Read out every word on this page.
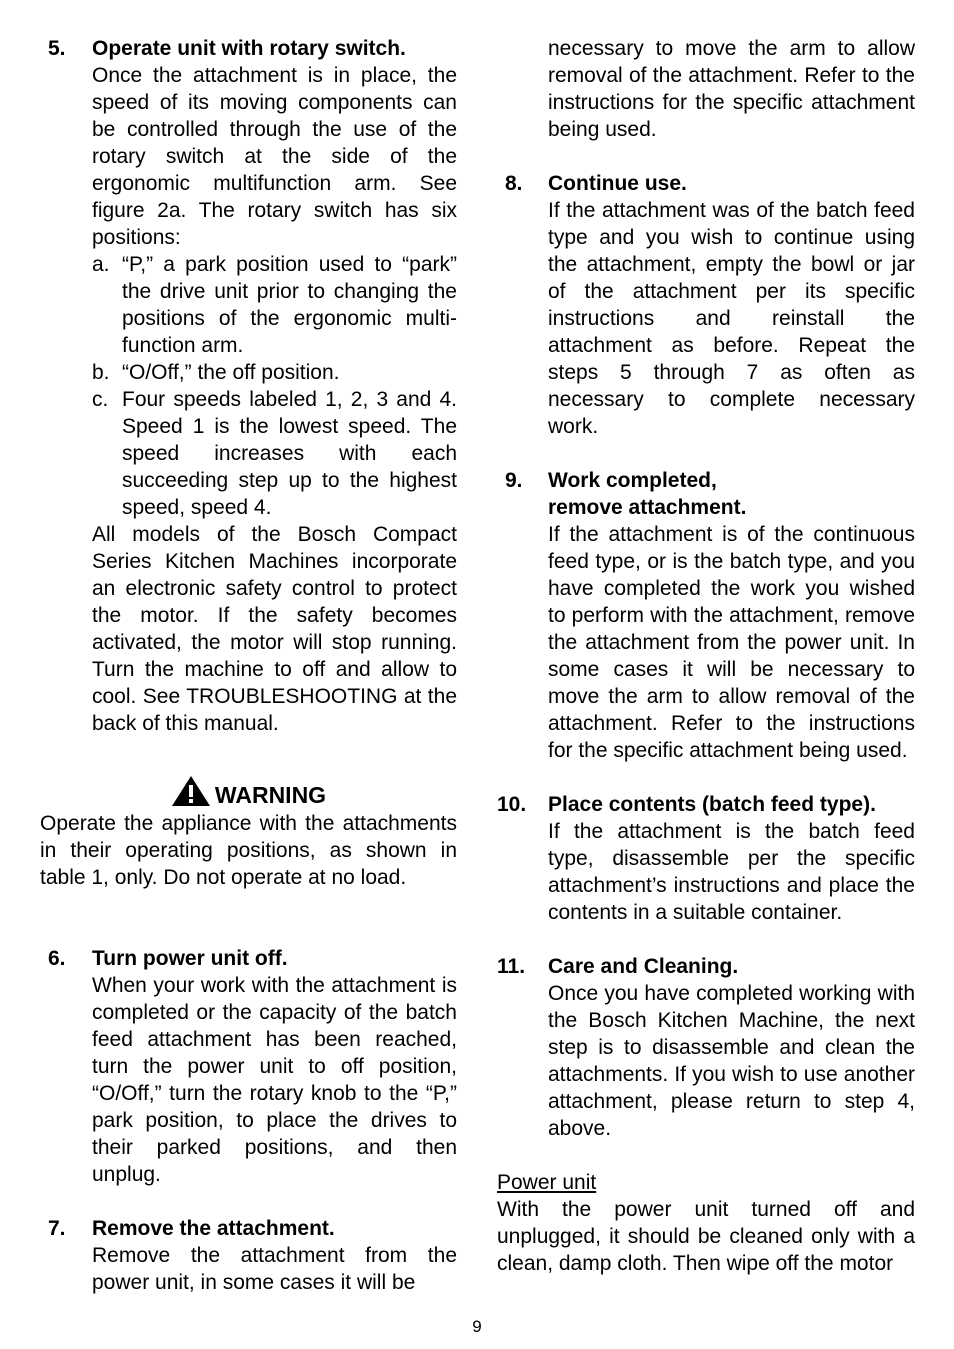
5. Operate unit with rotary switch.
Once the attachment is in place, the speed of its moving components can be controlled through the use of the rotary switch at the side of the ergonomic multifunction arm. See figure 2a. The rotary switch has six positions:
a. “P,” a park position used to “park” the drive unit prior to changing the positions of the ergonomic multi-function arm.
b. “O/Off,” the off position.
c. Four speeds labeled 1, 2, 3 and 4. Speed 1 is the lowest speed. The speed increases with each succeeding step up to the highest speed, speed 4.
All models of the Bosch Compact Series Kitchen Machines incorporate an electronic safety control to protect the motor. If the safety becomes activated, the motor will stop running. Turn the machine to off and allow to cool. See TROUBLESHOOTING at the back of this manual.
WARNING
Operate the appliance with the attachments in their operating positions, as shown in table 1, only. Do not operate at no load.
6. Turn power unit off.
When your work with the attachment is completed or the capacity of the batch feed attachment has been reached, turn the power unit to off position, “O/Off,” turn the rotary knob to the “P,” park position, to place the drives to their parked positions, and then unplug.
7. Remove the attachment.
Remove the attachment from the power unit, in some cases it will be
necessary to move the arm to allow removal of the attachment. Refer to the instructions for the specific attachment being used.
8. Continue use.
If the attachment was of the batch feed type and you wish to continue using the attachment, empty the bowl or jar of the attachment per its specific instructions and reinstall the attachment as before. Repeat the steps 5 through 7 as often as necessary to complete necessary work.
9. Work completed,
remove attachment.
If the attachment is of the continuous feed type, or is the batch type, and you have completed the work you wished to perform with the attachment, remove the attachment from the power unit. In some cases it will be necessary to move the arm to allow removal of the attachment. Refer to the instructions for the specific attachment being used.
10. Place contents (batch feed type).
If the attachment is the batch feed type, disassemble per the specific attachment’s instructions and place the contents in a suitable container.
11. Care and Cleaning.
Once you have completed working with the Bosch Kitchen Machine, the next step is to disassemble and clean the attachments. If you wish to use another attachment, please return to step 4, above.
Power unit
With the power unit turned off and unplugged, it should be cleaned only with a clean, damp cloth. Then wipe off the motor
9
